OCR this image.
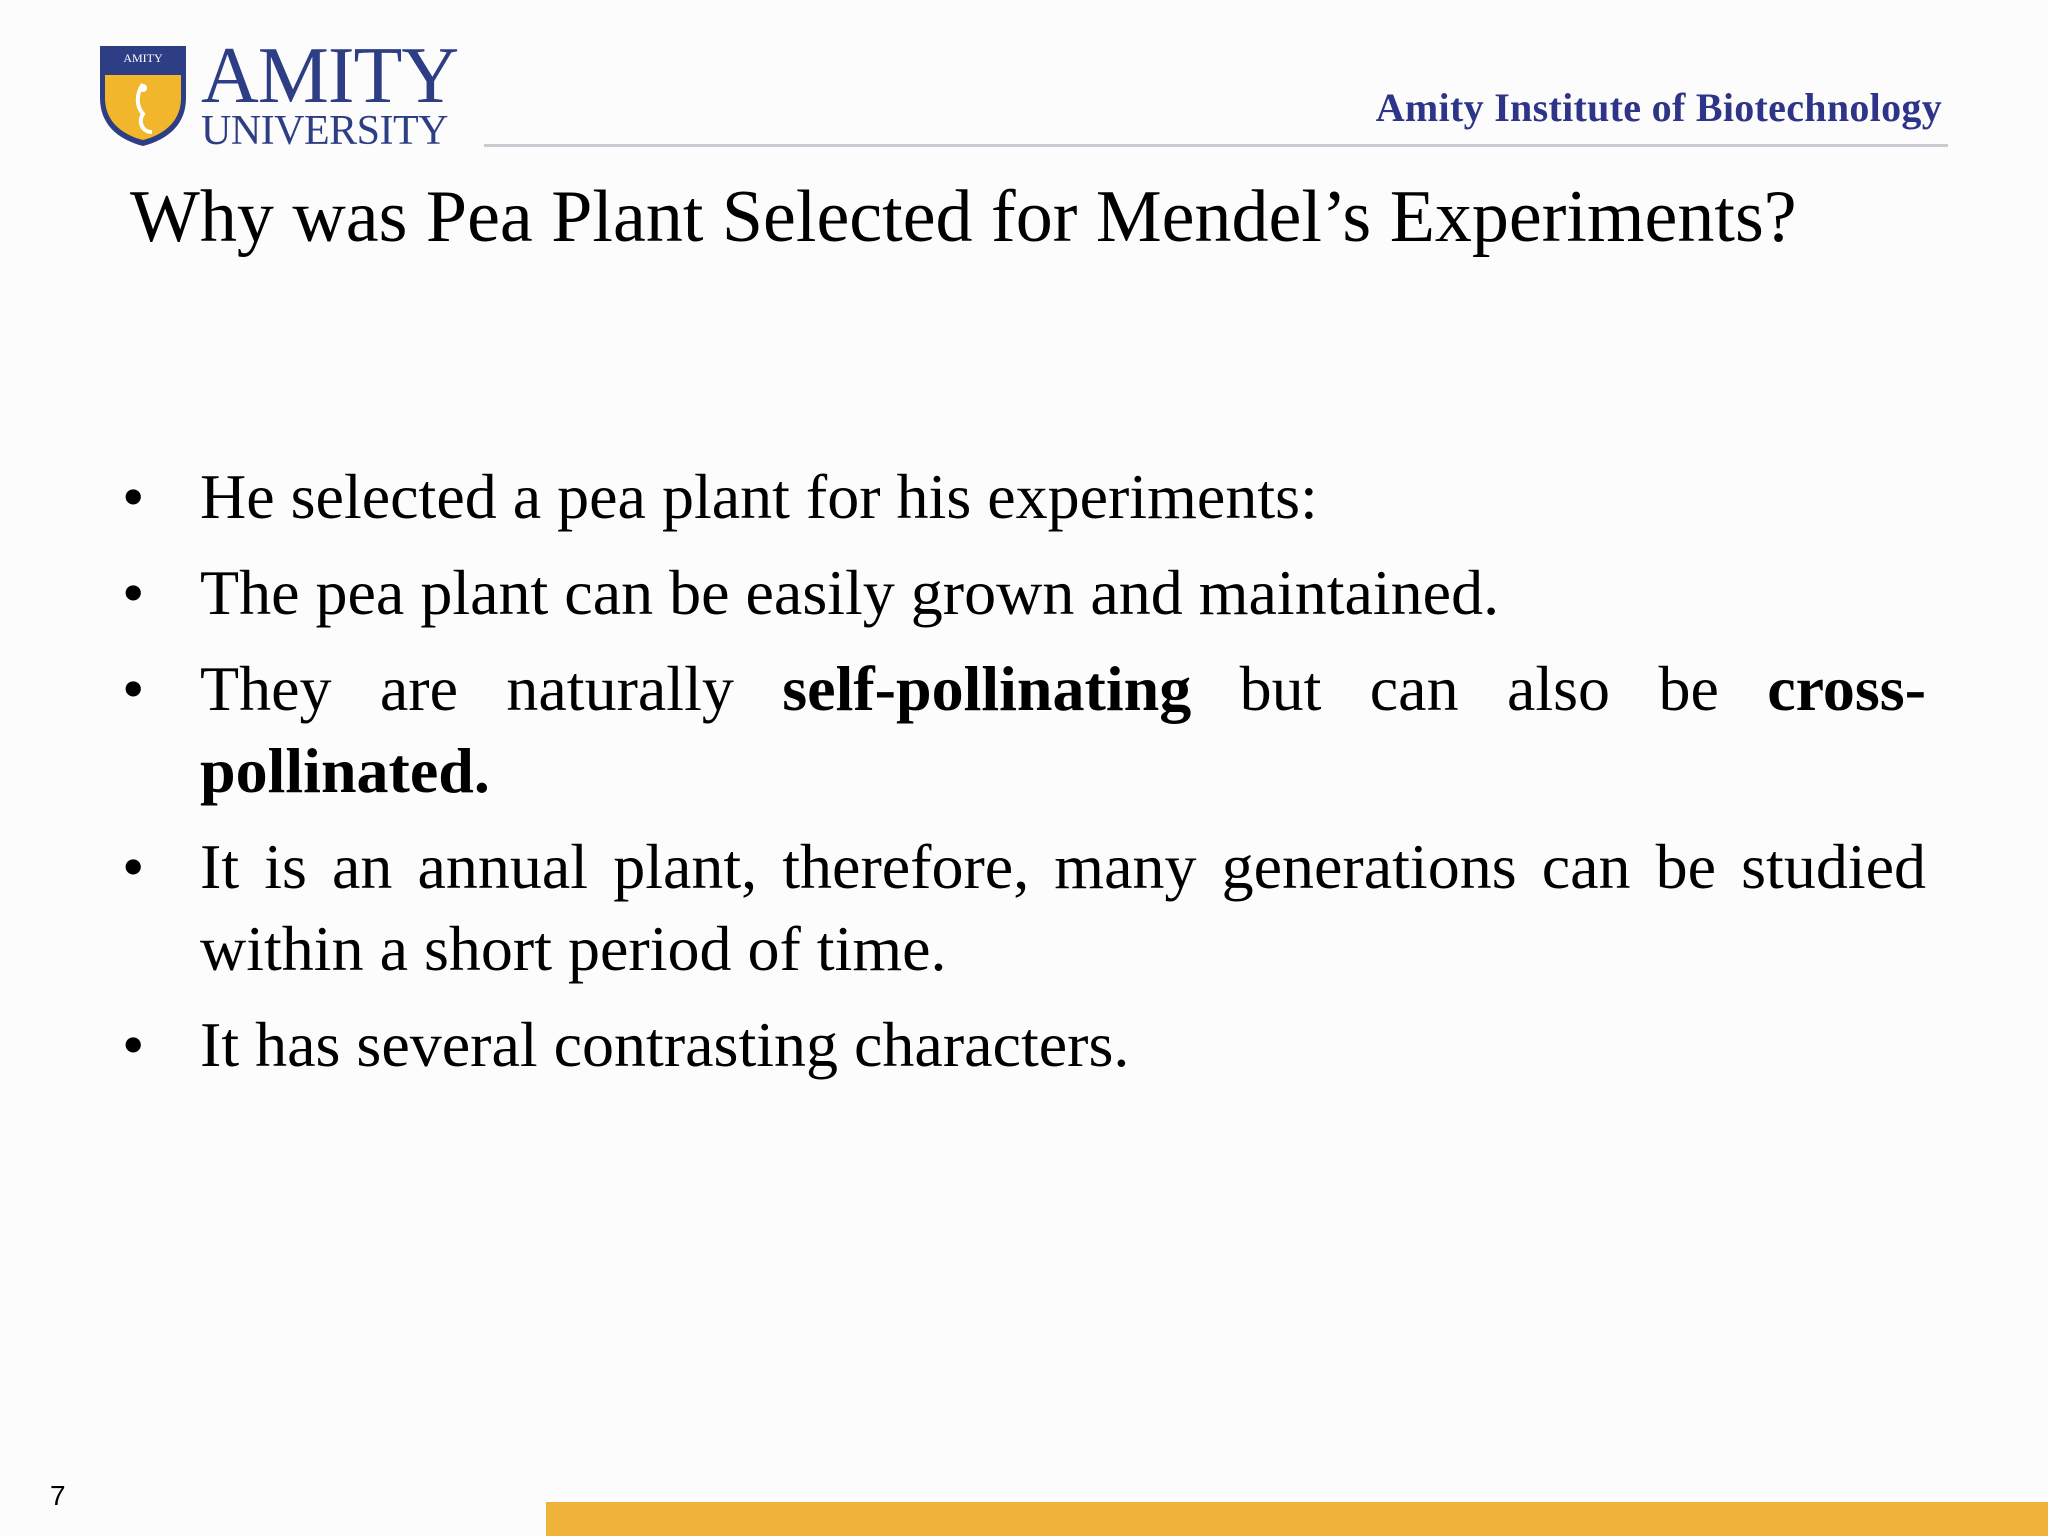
AMITY AMITY
UNIVERSITY
Amity Institute of Biotechnology
Why was Pea Plant Selected for Mendel’s Experiments?
• He selected a pea plant for his experiments:
• The pea plant can be easily grown and maintained.
• They are naturally self-pollinating but can also be cross-pollinated.
• It is an annual plant, therefore, many generations can be studied within a short period of time.
• It has several contrasting characters.
7
